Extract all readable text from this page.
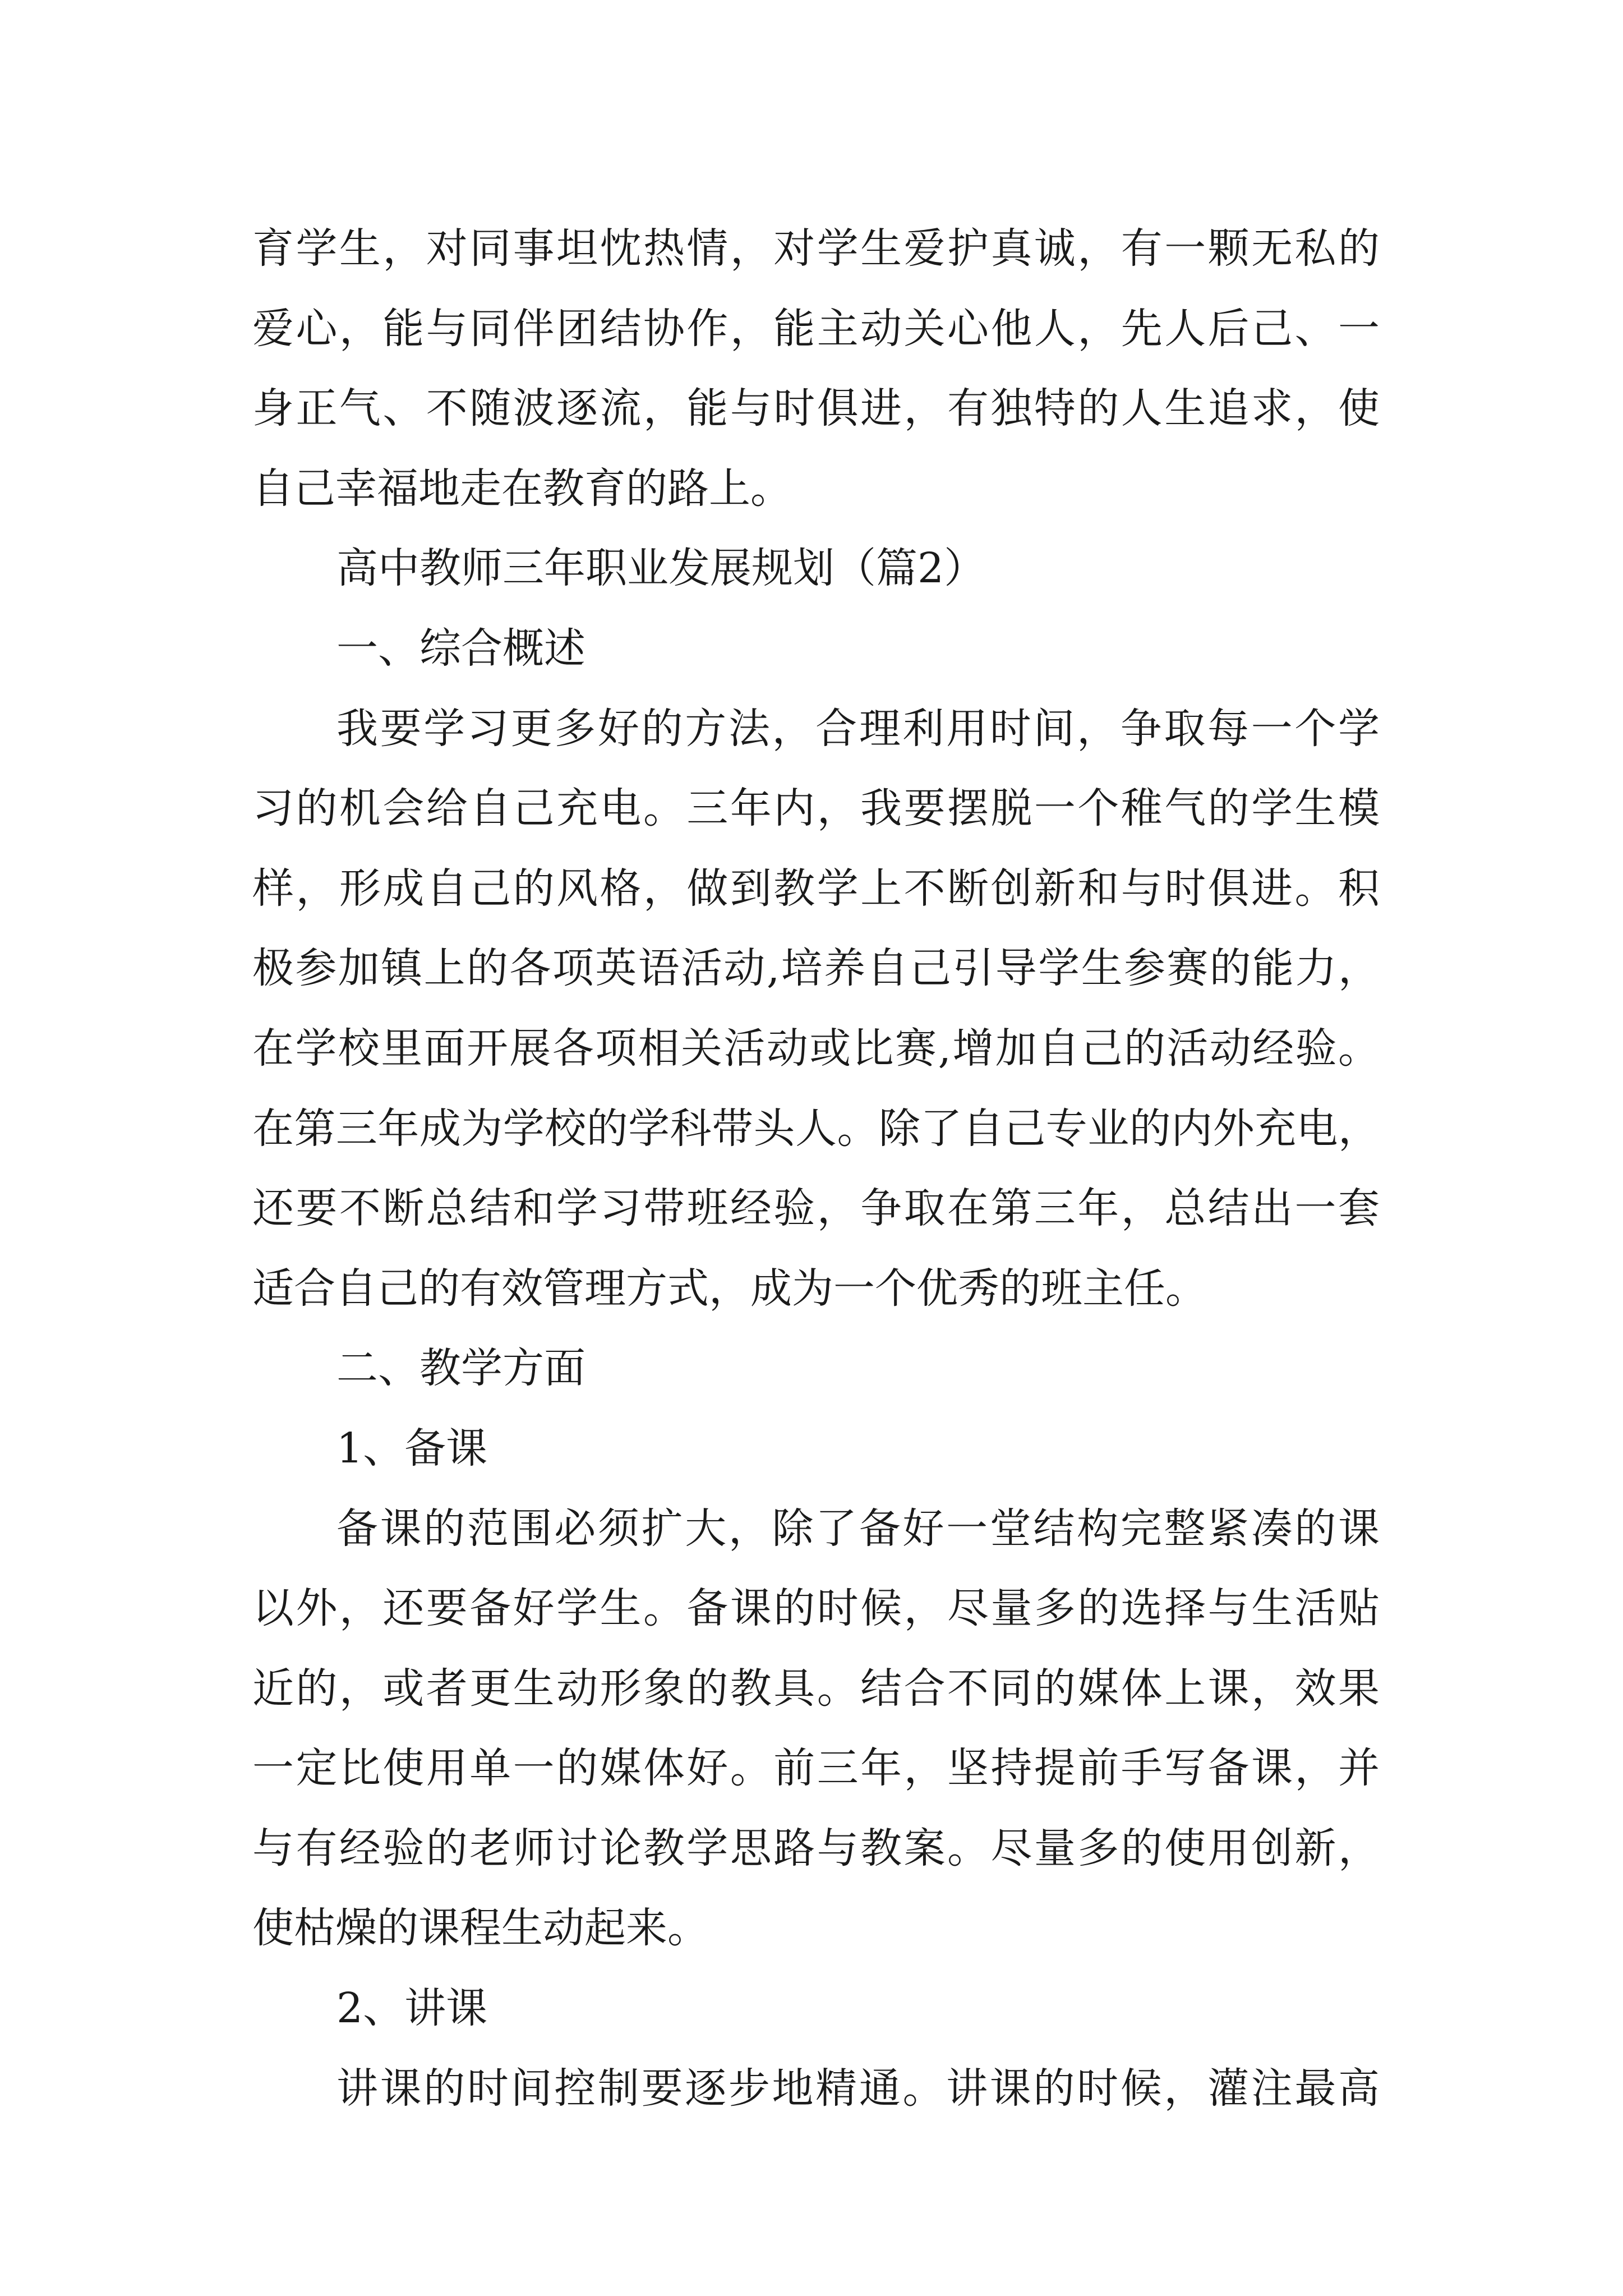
育学生，对同事坦忱热情，对学生爱护真诚，有一颗无私的
爱心，能与同伴团结协作，能主动关心他人，先人后己、一
身正气、不随波逐流，能与时俱进，有独特的人生追求，使
自己幸福地走在教育的路上。
高中教师三年职业发展规划（篇2）
一、综合概述
我要学习更多好的方法，合理利用时间，争取每一个学
习的机会给自己充电。三年内，我要摆脱一个稚气的学生模
样，形成自己的风格，做到教学上不断创新和与时俱进。积
极参加镇上的各项英语活动,培养自己引导学生参赛的能力，
在学校里面开展各项相关活动或比赛,增加自己的活动经验。
在第三年成为学校的学科带头人。除了自己专业的内外充电，
还要不断总结和学习带班经验，争取在第三年，总结出一套
适合自己的有效管理方式，成为一个优秀的班主任。
二、教学方面
1、备课
备课的范围必须扩大，除了备好一堂结构完整紧凑的课
以外，还要备好学生。备课的时候，尽量多的选择与生活贴
近的，或者更生动形象的教具。结合不同的媒体上课，效果
一定比使用单一的媒体好。前三年，坚持提前手写备课，并
与有经验的老师讨论教学思路与教案。尽量多的使用创新，
使枯燥的课程生动起来。
2、讲课
讲课的时间控制要逐步地精通。讲课的时候，灌注最高
